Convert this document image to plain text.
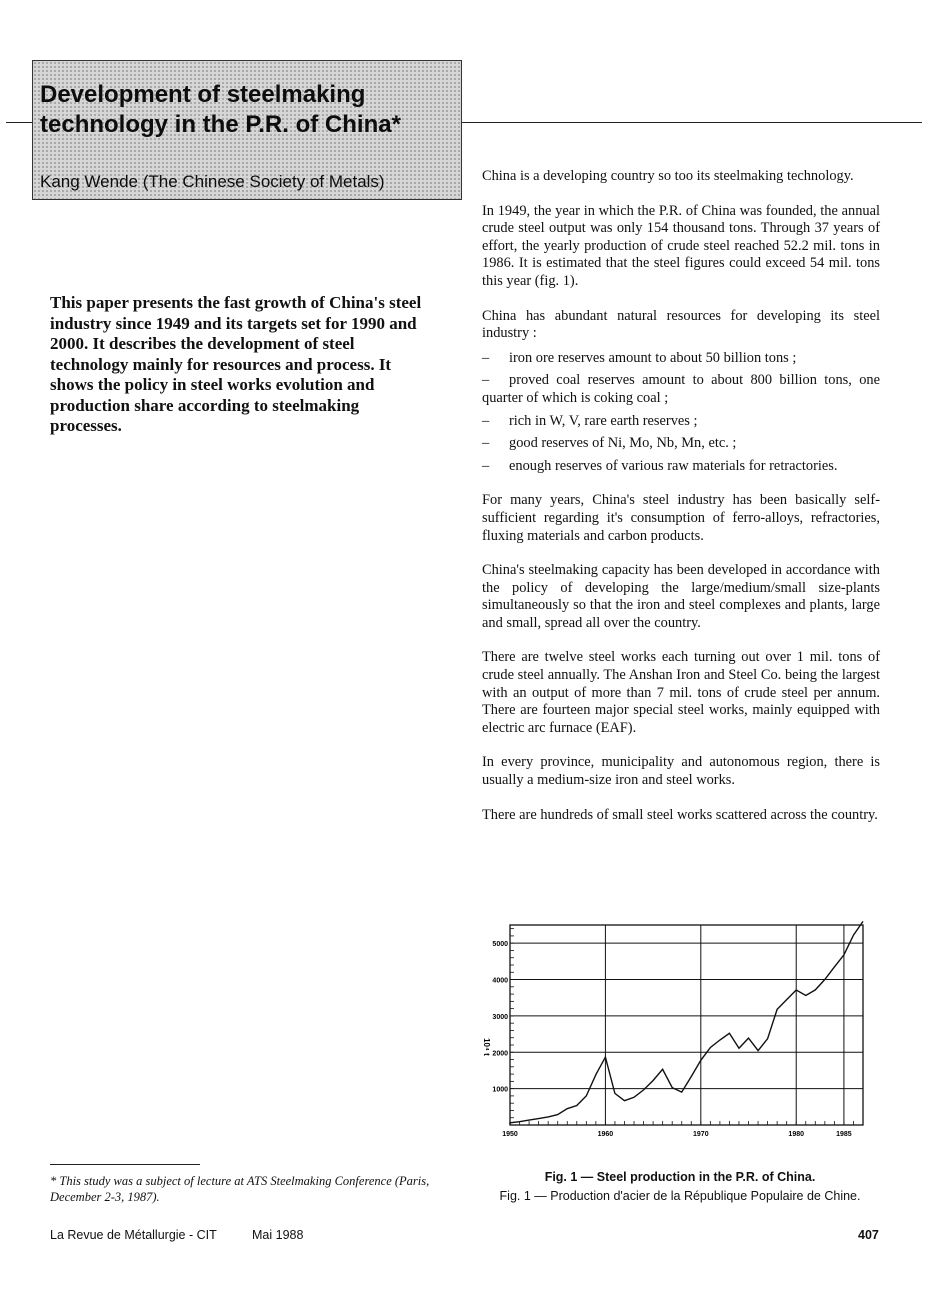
Development of steelmaking technology in the P.R. of China*
Kang Wende (The Chinese Society of Metals)

This paper presents the fast growth of China's steel industry since 1949 and its targets set for 1990 and 2000. It describes the development of steel technology mainly for resources and process. It shows the policy in steel works evolution and production share according to steelmaking processes.

China is a developing country so too its steelmaking technology.

In 1949, the year in which the P.R. of China was founded, the annual crude steel output was only 154 thousand tons. Through 37 years of effort, the yearly production of crude steel reached 52.2 mil. tons in 1986. It is estimated that the steel figures could exceed 54 mil. tons this year (fig. 1).

China has abundant natural resources for developing its steel industry :

– iron ore reserves amount to about 50 billion tons ;
– proved coal reserves amount to about 800 billion tons, one quarter of which is coking coal ;
– rich in W, V, rare earth reserves ;
– good reserves of Ni, Mo, Nb, Mn, etc. ;
– enough reserves of various raw materials for retractories.

For many years, China's steel industry has been basically self-sufficient regarding it's consumption of ferro-alloys, refractories, fluxing materials and carbon products.

China's steelmaking capacity has been developed in accordance with the policy of developing the large/medium/small size-plants simultaneously so that the iron and steel complexes and plants, large and small, spread all over the country.

There are twelve steel works each turning out over 1 mil. tons of crude steel annually. The Anshan Iron and Steel Co. being the largest with an output of more than 7 mil. tons of crude steel per annum. There are fourteen major special steel works, mainly equipped with electric arc furnace (EAF).

In every province, municipality and autonomous region, there is usually a medium-size iron and steel works.

There are hundreds of small steel works scattered across the country.

1000
2000
3000
4000
5000
1950	1960	1970	1980	1985
10⁴ t
Fig. 1 — Steel production in the P.R. of China.
Fig. 1 — Production d'acier de la République Populaire de Chine.
* This study was a subject of lecture at ATS Steelmaking Conference (Paris, December 2-3, 1987).
La Revue de Métallurgie - CIT	Mai 1988	407
